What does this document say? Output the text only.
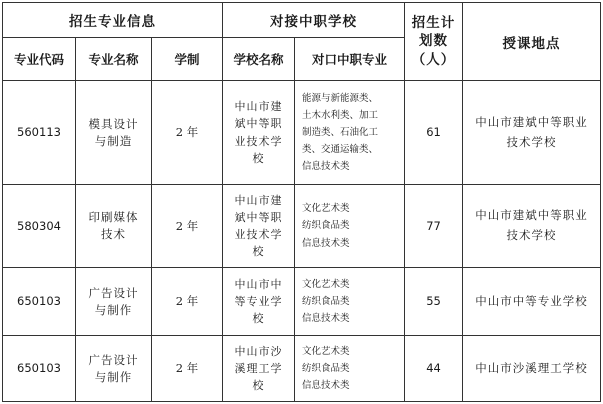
招生专业信息			对接中职学校		招生计
划数
（人）	授课地点
专业代码	专业名称	学制	学校名称	对口中职专业		
560113	模具设计
与制造	2 年	中山市建
斌中等职
业技术学
校	能源与新能源类、
土木水利类、加工
制造类、石油化工
类、交通运输类、
信息技术类	61	中山市建斌中等职业
技术学校

580304	印刷媒体
技术	2 年	中山市建
斌中等职
业技术学
校	文化艺术类
纺织食品类
信息技术类	77	中山市建斌中等职业
技术学校

650103	广告设计
与制作	2 年	中山市中
等专业学
校	文化艺术类
纺织食品类
信息技术类	55	中山市中等专业学校

650103	广告设计
与制作	2 年	中山市沙
溪理工学
校	文化艺术类
纺织食品类
信息技术类	44	中山市沙溪理工学校
